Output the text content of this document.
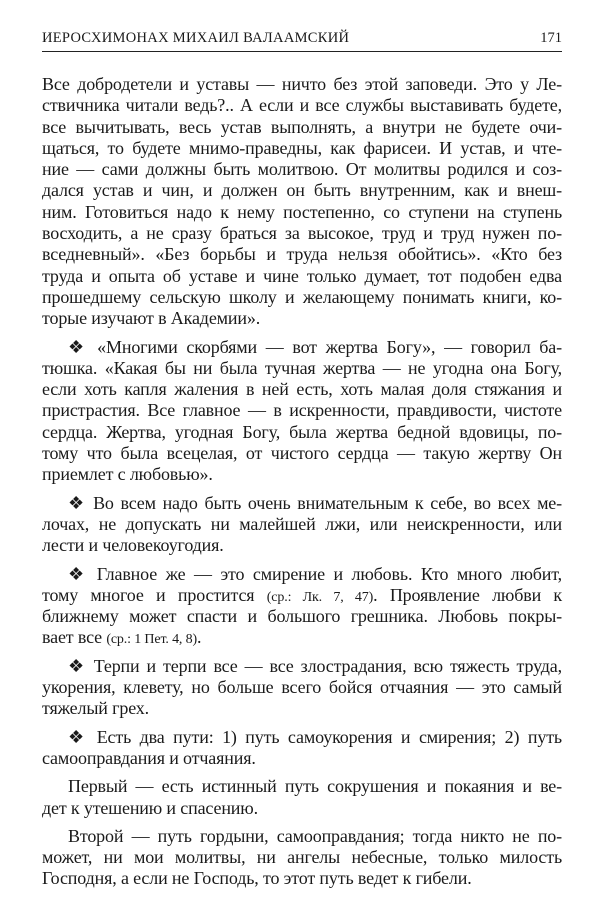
ИЕРОСХИМОНАХ МИХАИЛ ВАЛААМСКИЙ	171
Все добродетели и уставы — ничто без этой заповеди. Это у Ле-
ствичника читали ведь?.. А если и все службы выставивать будете,
все вычитывать, весь устав выполнять, а внутри не будете очи-
щаться, то будете мнимо-праведны, как фарисеи. И устав, и чте-
ние — сами должны быть молитвою. От молитвы родился и соз-
дался устав и чин, и должен он быть внутренним, как и внеш-
ним. Готовиться надо к нему постепенно, со ступени на ступень
восходить, а не сразу браться за высокое, труд и труд нужен по-
вседневный». «Без борьбы и труда нельзя обойтись». «Кто без
труда и опыта об уставе и чине только думает, тот подобен едва
прошедшему сельскую школу и желающему понимать книги, ко-
торые изучают в Академии».
❖ «Многими скорбями — вот жертва Богу», — говорил ба-
тюшка. «Какая бы ни была тучная жертва — не угодна она Богу,
если хоть капля жаления в ней есть, хоть малая доля стяжания и
пристрастия. Все главное — в искренности, правдивости, чистоте
сердца. Жертва, угодная Богу, была жертва бедной вдовицы, по-
тому что была всецелая, от чистого сердца — такую жертву Он
приемлет с любовью».
❖ Во всем надо быть очень внимательным к себе, во всех ме-
лочах, не допускать ни малейшей лжи, или неискренности, или
лести и человекоугодия.
❖ Главное же — это смирение и любовь. Кто много любит,
тому многое и простится (ср.: Лк. 7, 47). Проявление любви к
ближнему может спасти и большого грешника. Любовь покры-
вает все (ср.: 1 Пет. 4, 8).
❖ Терпи и терпи все — все злострадания, всю тяжесть труда,
укорения, клевету, но больше всего бойся отчаяния — это самый
тяжелый грех.
❖ Есть два пути: 1) путь самоукорения и смирения; 2) путь
самооправдания и отчаяния.
Первый — есть истинный путь сокрушения и покаяния и ве-
дет к утешению и спасению.
Второй — путь гордыни, самооправдания; тогда никто не по-
может, ни мои молитвы, ни ангелы небесные, только милость
Господня, а если не Господь, то этот путь ведет к гибели.
